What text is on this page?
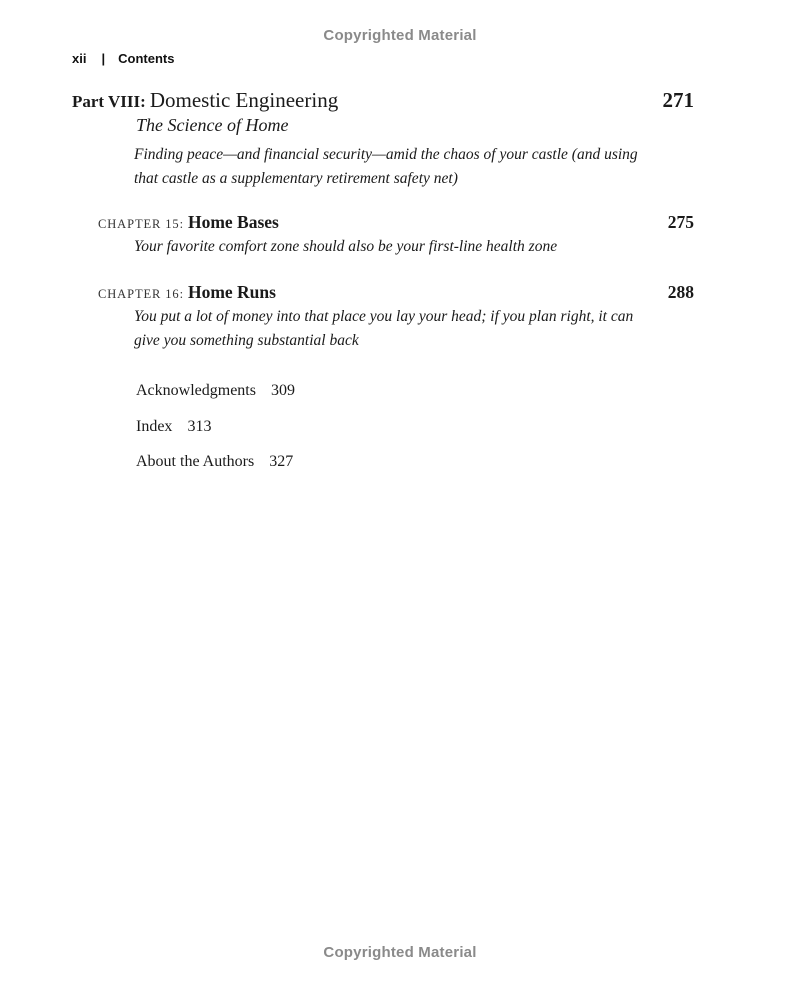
Copyrighted Material
xii | Contents
Part VIII: Domestic Engineering	271
The Science of Home
Finding peace—and financial security—amid the chaos of your castle (and using that castle as a supplementary retirement safety net)
CHAPTER 15: Home Bases	275
Your favorite comfort zone should also be your first-line health zone
CHAPTER 16: Home Runs	288
You put a lot of money into that place you lay your head; if you plan right, it can give you something substantial back
Acknowledgments 309
Index 313
About the Authors 327
Copyrighted Material
